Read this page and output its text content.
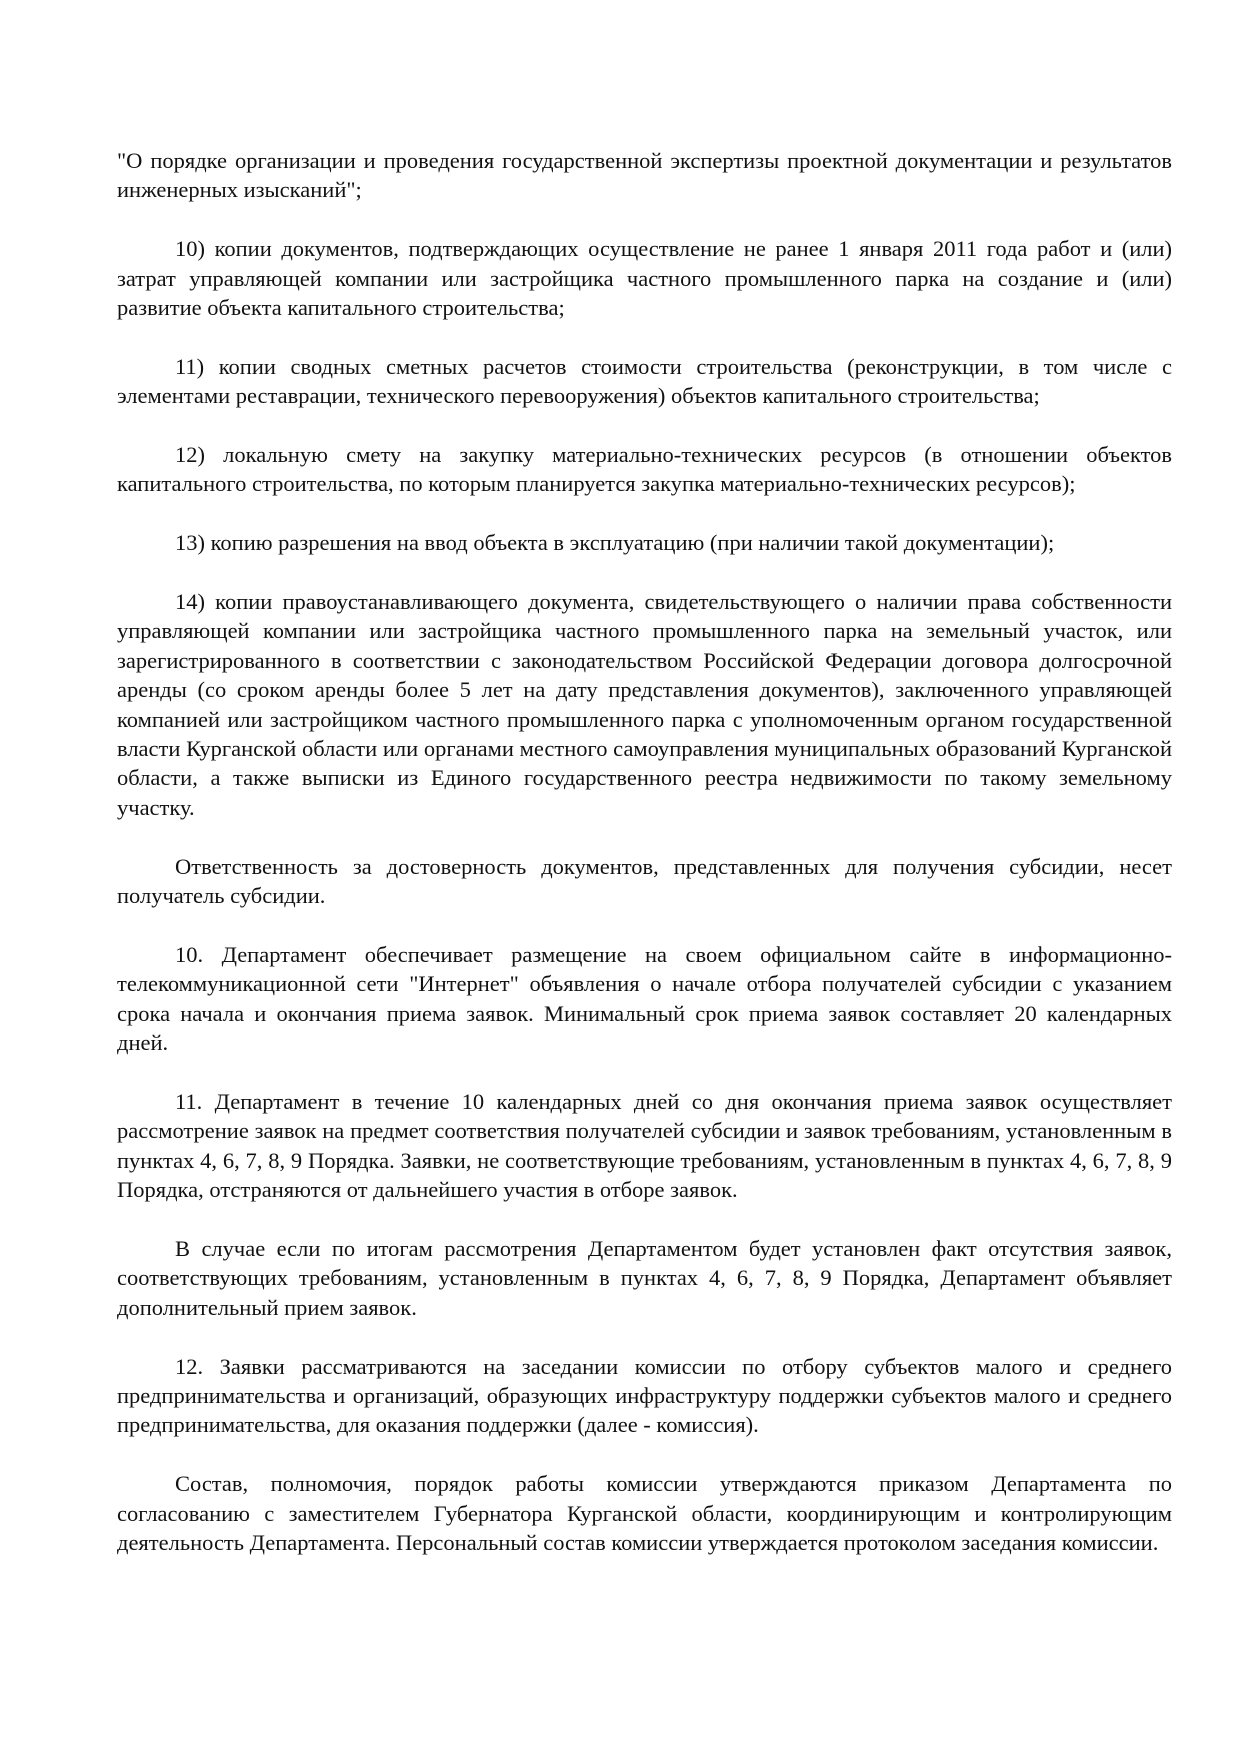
"О порядке организации и проведения государственной экспертизы проектной документации и результатов инженерных изысканий";

10) копии документов, подтверждающих осуществление не ранее 1 января 2011 года работ и (или) затрат управляющей компании или застройщика частного промышленного парка на создание и (или) развитие объекта капитального строительства;

11) копии сводных сметных расчетов стоимости строительства (реконструкции, в том числе с элементами реставрации, технического перевооружения) объектов капитального строительства;

12) локальную смету на закупку материально-технических ресурсов (в отношении объектов капитального строительства, по которым планируется закупка материально-технических ресурсов);

13) копию разрешения на ввод объекта в эксплуатацию (при наличии такой документации);

14) копии правоустанавливающего документа, свидетельствующего о наличии права собственности управляющей компании или застройщика частного промышленного парка на земельный участок, или зарегистрированного в соответствии с законодательством Российской Федерации договора долгосрочной аренды (со сроком аренды более 5 лет на дату представления документов), заключенного управляющей компанией или застройщиком частного промышленного парка с уполномоченным органом государственной власти Курганской области или органами местного самоуправления муниципальных образований Курганской области, а также выписки из Единого государственного реестра недвижимости по такому земельному участку.

Ответственность за достоверность документов, представленных для получения субсидии, несет получатель субсидии.

10. Департамент обеспечивает размещение на своем официальном сайте в информационно-телекоммуникационной сети "Интернет" объявления о начале отбора получателей субсидии с указанием срока начала и окончания приема заявок. Минимальный срок приема заявок составляет 20 календарных дней.

11. Департамент в течение 10 календарных дней со дня окончания приема заявок осуществляет рассмотрение заявок на предмет соответствия получателей субсидии и заявок требованиям, установленным в пунктах 4, 6, 7, 8, 9 Порядка. Заявки, не соответствующие требованиям, установленным в пунктах 4, 6, 7, 8, 9 Порядка, отстраняются от дальнейшего участия в отборе заявок.

В случае если по итогам рассмотрения Департаментом будет установлен факт отсутствия заявок, соответствующих требованиям, установленным в пунктах 4, 6, 7, 8, 9 Порядка, Департамент объявляет дополнительный прием заявок.

12. Заявки рассматриваются на заседании комиссии по отбору субъектов малого и среднего предпринимательства и организаций, образующих инфраструктуру поддержки субъектов малого и среднего предпринимательства, для оказания поддержки (далее - комиссия).

Состав, полномочия, порядок работы комиссии утверждаются приказом Департамента по согласованию с заместителем Губернатора Курганской области, координирующим и контролирующим деятельность Департамента. Персональный состав комиссии утверждается протоколом заседания комиссии.
